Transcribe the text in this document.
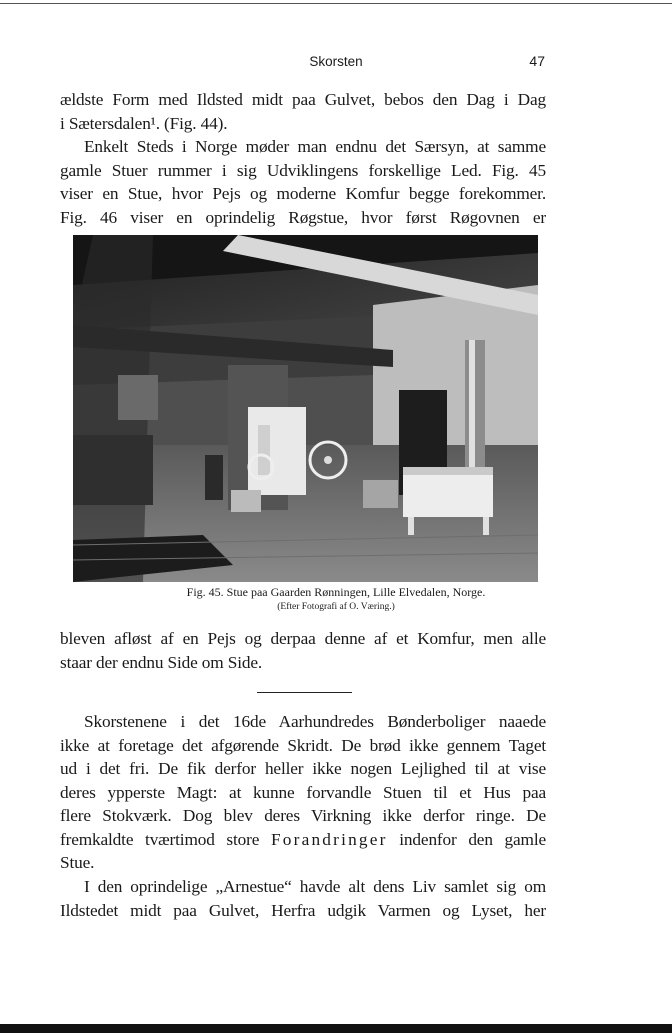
Skorsten	47
ældste Form med Ildsted midt paa Gulvet, bebos den Dag i Dag
i Sætersdalen¹. (Fig. 44).
Enkelt Steds i Norge møder man endnu det Særsyn, at samme
gamle Stuer rummer i sig Udviklingens forskellige Led. Fig. 45
viser en Stue, hvor Pejs og moderne Komfur begge forekommer.
Fig. 46 viser en oprindelig Røgstue, hvor først Røgovnen er
Fig. 45. Stue paa Gaarden Rønningen, Lille Elvedalen, Norge.
(Efter Fotografi af O. Væring.)
bleven afløst af en Pejs og derpaa denne af et Komfur, men alle
staar der endnu Side om Side.
Skorstenene i det 16de Aarhundredes Bønderboliger naaede
ikke at foretage det afgørende Skridt. De brød ikke gennem Taget
ud i det fri. De fik derfor heller ikke nogen Lejlighed til at vise
deres ypperste Magt: at kunne forvandle Stuen til et Hus paa
flere Stokværk. Dog blev deres Virkning ikke derfor ringe. De
fremkaldte tværtimod store Forandringer indenfor den gamle
Stue.
I den oprindelige „Arnestue“ havde alt dens Liv samlet sig om
Ildstedet midt paa Gulvet, Herfra udgik Varmen og Lyset, her
